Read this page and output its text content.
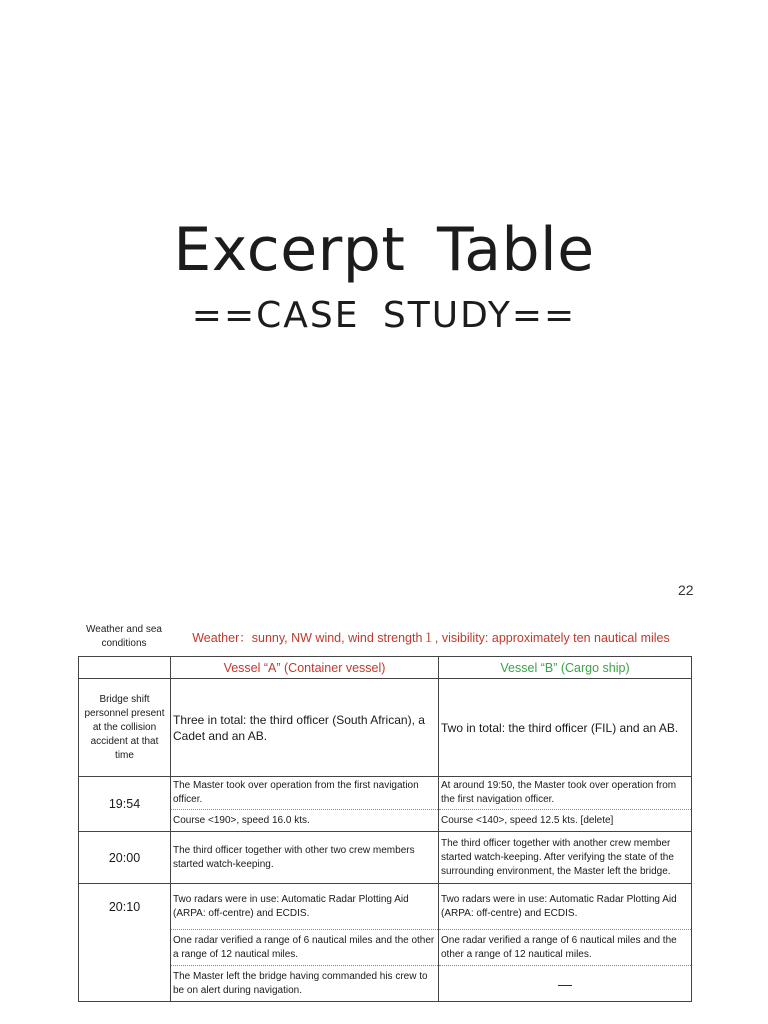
Excerpt Table
==CASE STUDY==
22
Weather and sea conditions	Weather：sunny, NW wind, wind strength１, visibility: approximately ten nautical miles
	Vessel “A” (Container vessel)	Vessel “B” (Cargo ship)
Bridge shift personnel present at the collision accident at that time	Three in total: the third officer (South African), a Cadet and an AB.	Two in total: the third officer (FIL) and an AB.
19:54	The Master took over operation from the first navigation officer.	At around 19:50, the Master took over operation from the first navigation officer.
	Course <190>, speed 16.0 kts.	Course <140>, speed 12.5 kts. [delete]
20:00	The third officer together with other two crew members started watch-keeping.	The third officer together with another crew member started watch-keeping. After verifying the state of the surrounding environment, the Master left the bridge.
20:10	Two radars were in use: Automatic Radar Plotting Aid (ARPA: off-centre) and ECDIS.	Two radars were in use: Automatic Radar Plotting Aid (ARPA: off-centre) and ECDIS.
	One radar verified a range of 6 nautical miles and the other a range of 12 nautical miles.	One radar verified a range of 6 nautical miles and the other a range of 12 nautical miles.
	The Master left the bridge having commanded his crew to be on alert during navigation.	—
